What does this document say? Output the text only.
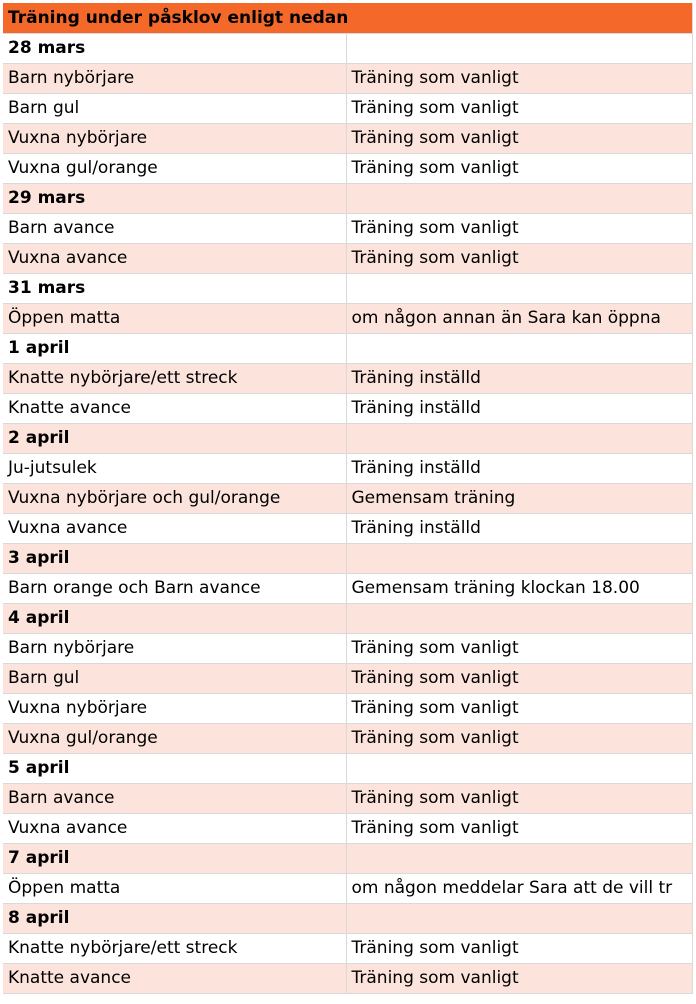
Träning under påsklov enligt nedan	
28 mars	
Barn nybörjare	Träning som vanligt
Barn gul	Träning som vanligt
Vuxna nybörjare	Träning som vanligt
Vuxna gul/orange	Träning som vanligt
29 mars	
Barn avance	Träning som vanligt
Vuxna avance	Träning som vanligt
31 mars	
Öppen matta	om någon annan än Sara kan öppna
1 april	
Knatte nybörjare/ett streck	Träning inställd
Knatte avance	Träning inställd
2 april	
Ju-jutsulek	Träning inställd
Vuxna nybörjare och gul/orange	Gemensam träning
Vuxna avance	Träning inställd
3 april	
Barn orange och Barn avance	Gemensam träning klockan 18.00
4 april	
Barn nybörjare	Träning som vanligt
Barn gul	Träning som vanligt
Vuxna nybörjare	Träning som vanligt
Vuxna gul/orange	Träning som vanligt
5 april	
Barn avance	Träning som vanligt
Vuxna avance	Träning som vanligt
7 april	
Öppen matta	om någon meddelar Sara att de vill tr
8 april	
Knatte nybörjare/ett streck	Träning som vanligt
Knatte avance	Träning som vanligt
